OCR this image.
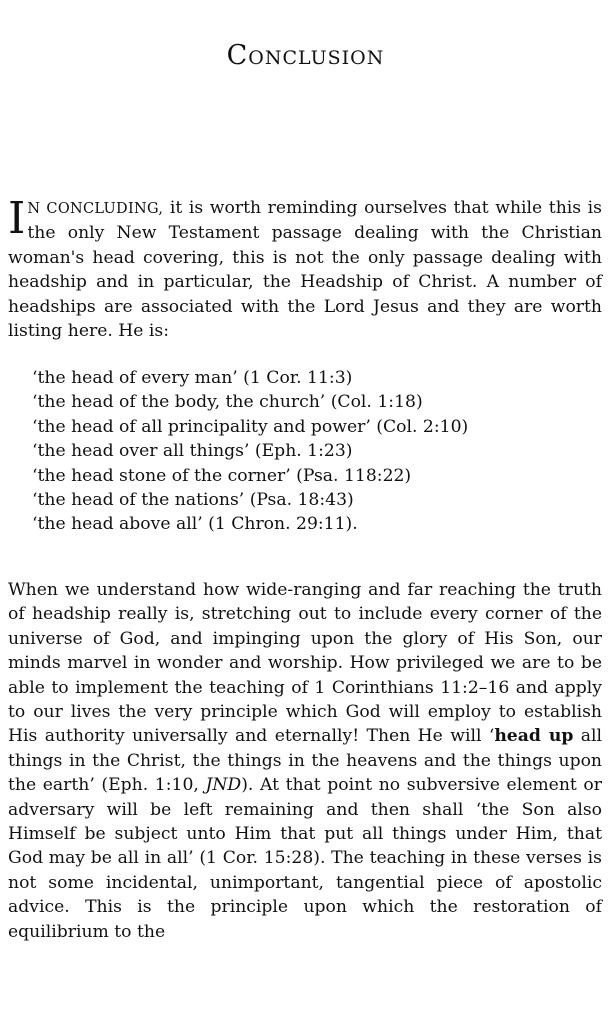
Conclusion
I N CONCLUDING, it is worth reminding ourselves that while this is the only New Testament passage dealing with the Christian woman's head covering, this is not the only passage dealing with headship and in particular, the Headship of Christ. A number of headships are associated with the Lord Jesus and they are worth listing here. He is:
‘the head of every man’ (1 Cor. 11:3)
‘the head of the body, the church’ (Col. 1:18)
‘the head of all principality and power’ (Col. 2:10)
‘the head over all things’ (Eph. 1:23)
‘the head stone of the corner’ (Psa. 118:22)
‘the head of the nations’ (Psa. 18:43)
‘the head above all’ (1 Chron. 29:11).
When we understand how wide-ranging and far reaching the truth of headship really is, stretching out to include every corner of the universe of God, and impinging upon the glory of His Son, our minds marvel in wonder and worship. How privileged we are to be able to implement the teaching of 1 Corinthians 11:2–16 and apply to our lives the very principle which God will employ to establish His authority universally and eternally! Then He will ‘head up all things in the Christ, the things in the heavens and the things upon the earth’ (Eph. 1:10, JND). At that point no subversive element or adversary will be left remaining and then shall ‘the Son also Himself be subject unto Him that put all things under Him, that God may be all in all’ (1 Cor. 15:28). The teaching in these verses is not some incidental, unimportant, tangential piece of apostolic advice. This is the principle upon which the restoration of equilibrium to the
